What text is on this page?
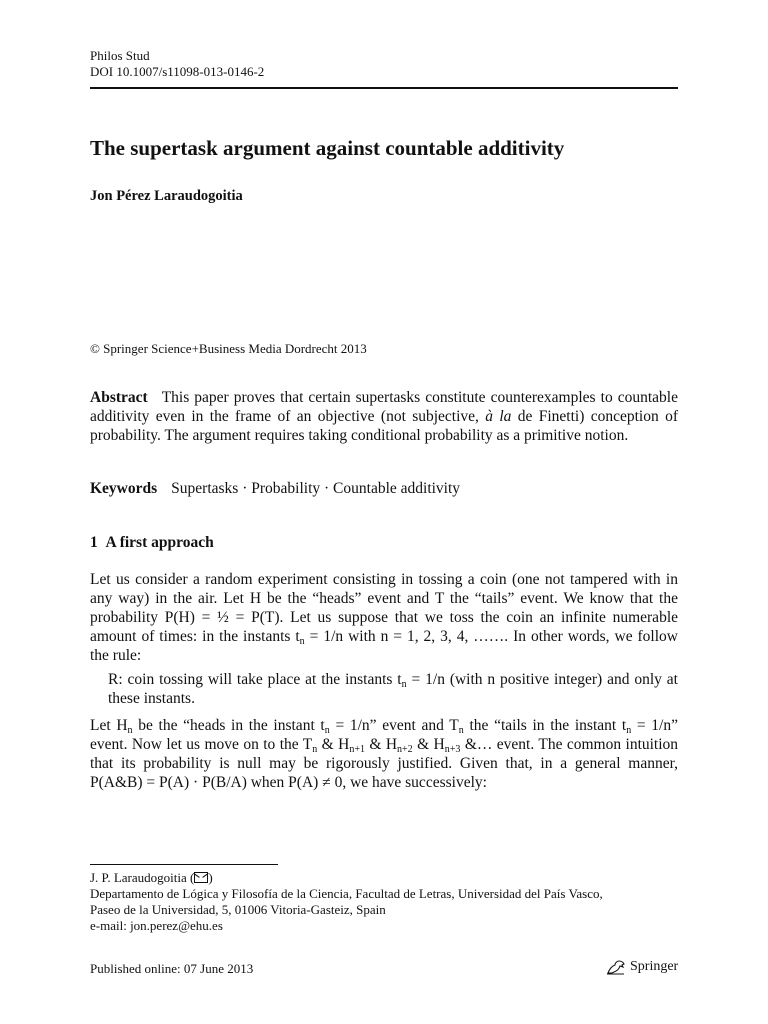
Philos Stud
DOI 10.1007/s11098-013-0146-2
The supertask argument against countable additivity
Jon Pérez Laraudogoitia
© Springer Science+Business Media Dordrecht 2013

Abstract This paper proves that certain supertasks constitute counterexamples to countable additivity even in the frame of an objective (not subjective, à la de Finetti) conception of probability. The argument requires taking conditional probability as a primitive notion.

Keywords Supertasks · Probability · Countable additivity
1 A first approach

Let us consider a random experiment consisting in tossing a coin (one not tampered with in any way) in the air. Let H be the “heads” event and T the “tails” event. We know that the probability P(H) = ½ = P(T). Let us suppose that we toss the coin an infinite numerable amount of times: in the instants $t_n = 1/n$ with n = 1, 2, 3, 4, ……. In other words, we follow the rule:

R: coin tossing will take place at the instants $t_n = 1/n$ (with n positive integer) and only at these instants.

Let $H_n$ be the “heads in the instant $t_n = 1/n$” event and $T_n$ the “tails in the instant $t_n = 1/n$” event. Now let us move on to the $T_n$ & $H_{n+1}$ & $H_{n+2}$ & $H_{n+3}$ &… event. The common intuition that its probability is null may be rigorously justified. Given that, in a general manner, P(A&B) = P(A) · P(B/A) when P(A) ≠ 0, we have successively:

J. P. Laraudogoitia ( )
Departamento de Lógica y Filosofía de la Ciencia, Facultad de Letras, Universidad del País Vasco,
Paseo de la Universidad, 5, 01006 Vitoria-Gasteiz, Spain
e-mail: jon.perez@ehu.es
Published online: 07 June 2013	Springer
